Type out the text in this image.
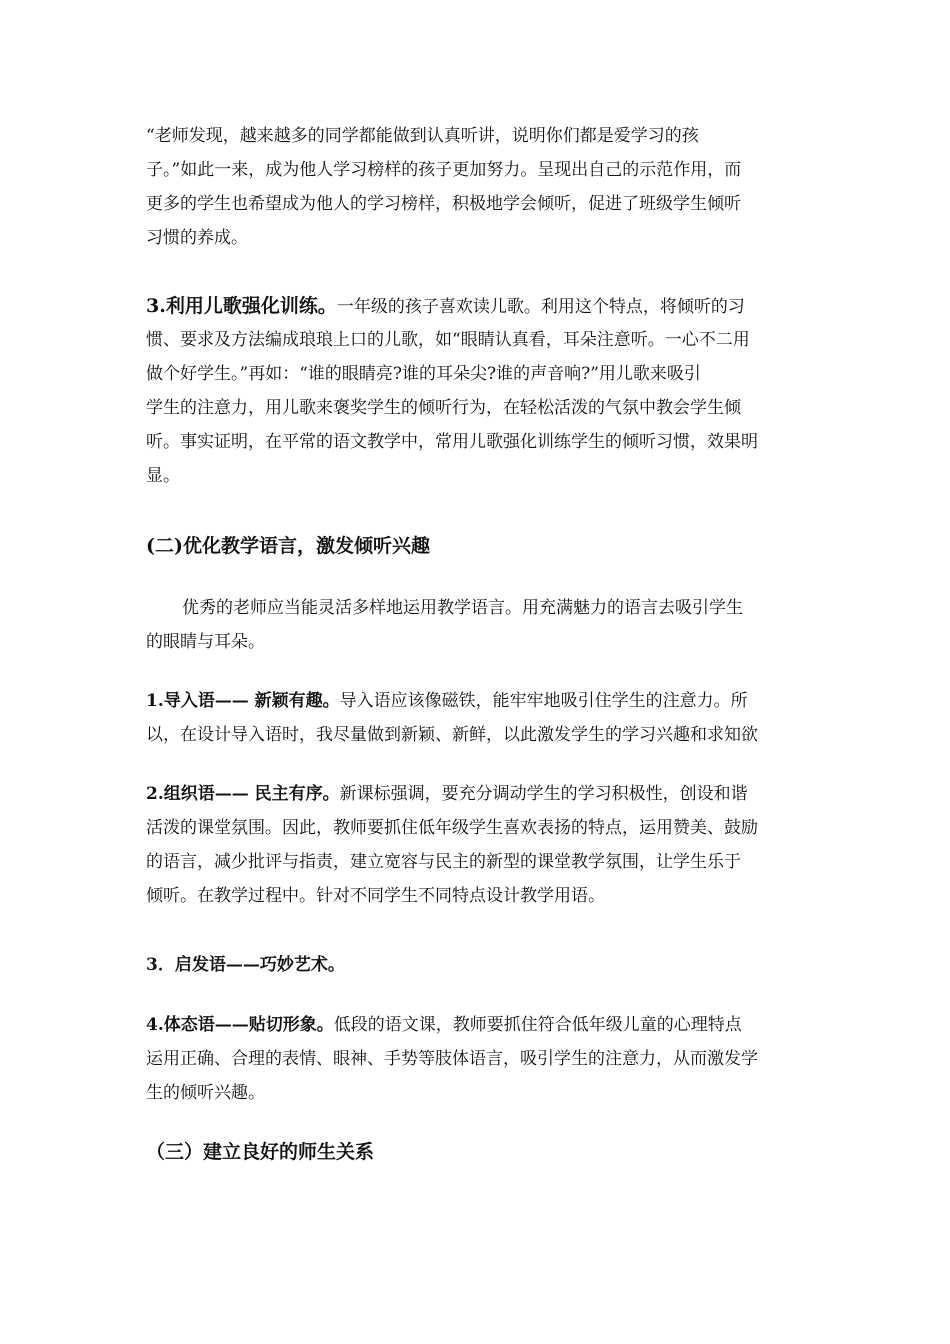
“老师发现，越来越多的同学都能做到认真听讲，说明你们都是爱学习的孩
子。”如此一来，成为他人学习榜样的孩子更加努力。呈现出自己的示范作用，而
更多的学生也希望成为他人的学习榜样，积极地学会倾听，促进了班级学生倾听
习惯的养成。
3.利用儿歌强化训练。一年级的孩子喜欢读儿歌。利用这个特点，将倾听的习
惯、要求及方法编成琅琅上口的儿歌，如“眼睛认真看，耳朵注意听。一心不二用
做个好学生。”再如：“谁的眼睛亮?谁的耳朵尖?谁的声音响?”用儿歌来吸引
学生的注意力，用儿歌来褒奖学生的倾听行为，在轻松活泼的气氛中教会学生倾
听。事实证明，在平常的语文教学中，常用儿歌强化训练学生的倾听习惯，效果明
显。
(二)优化教学语言，激发倾听兴趣
优秀的老师应当能灵活多样地运用教学语言。用充满魅力的语言去吸引学生
的眼睛与耳朵。
1.导入语—— 新颖有趣。导入语应该像磁铁，能牢牢地吸引住学生的注意力。所
以，在设计导入语时，我尽量做到新颖、新鲜，以此激发学生的学习兴趣和求知欲
2.组织语—— 民主有序。新课标强调，要充分调动学生的学习积极性，创设和谐
活泼的课堂氛围。因此，教师要抓住低年级学生喜欢表扬的特点，运用赞美、鼓励
的语言，减少批评与指责，建立宽容与民主的新型的课堂教学氛围，让学生乐于
倾听。在教学过程中。针对不同学生不同特点设计教学用语。
3．启发语——巧妙艺术。
4.体态语——贴切形象。低段的语文课，教师要抓住符合低年级儿童的心理特点
运用正确、合理的表情、眼神、手势等肢体语言，吸引学生的注意力，从而激发学
生的倾听兴趣。
（三）建立良好的师生关系
